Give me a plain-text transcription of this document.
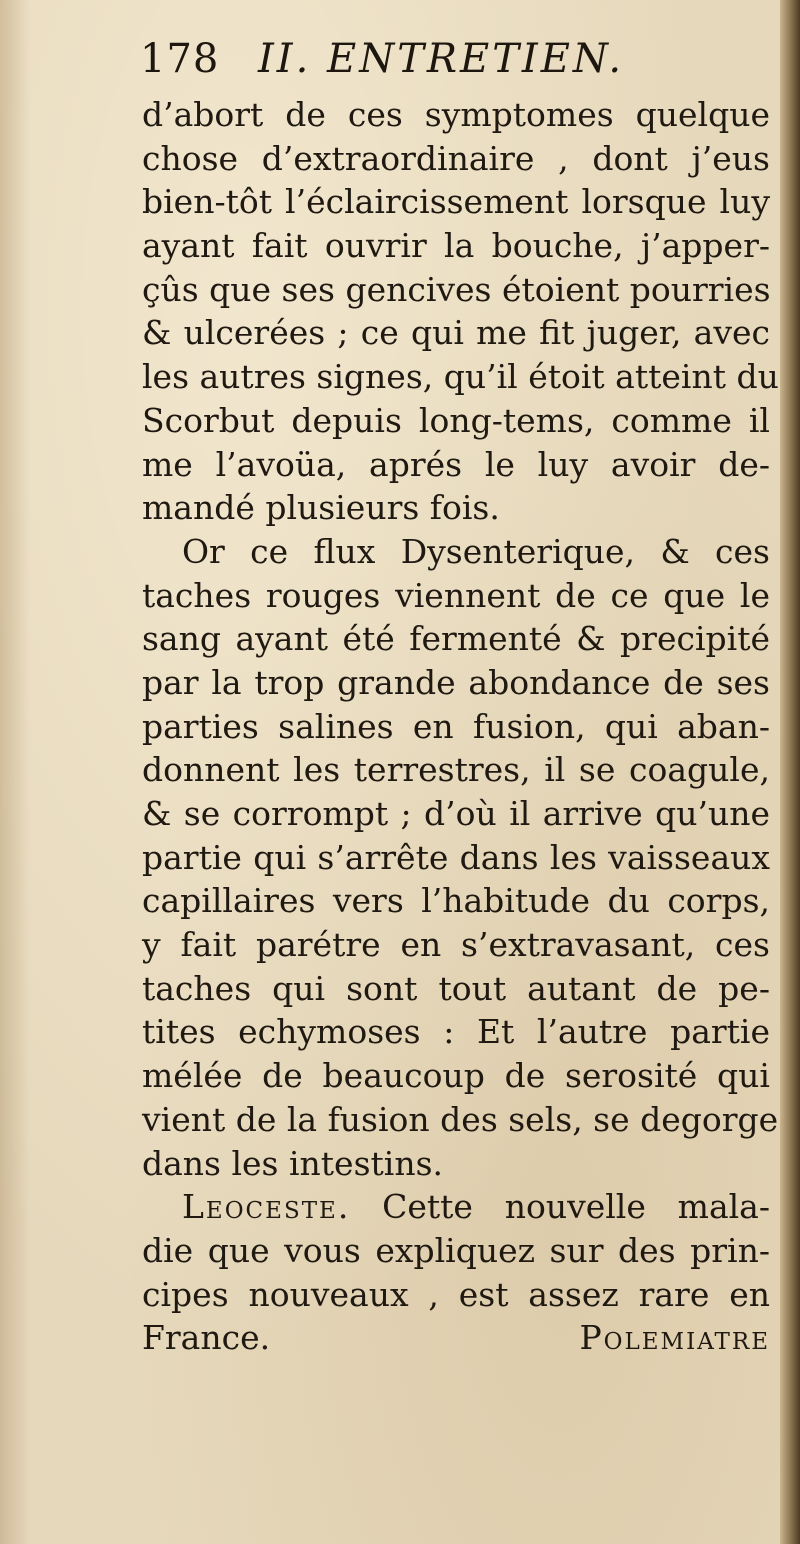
178 II. ENTRETIEN.
d’abort de ces symptomes quelque
chose d’extraordinaire , dont j’eus
bien-tôt l’éclaircissement lorsque luy
ayant fait ouvrir la bouche, j’apper-
çûs que ses gencives étoient pourries
& ulcerées ; ce qui me fit juger, avec
les autres signes, qu’il étoit atteint du
Scorbut depuis long-tems, comme il
me l’avoüa, aprés le luy avoir de-
mandé plusieurs fois.
Or ce flux Dysenterique, & ces
taches rouges viennent de ce que le
sang ayant été fermenté & precipité
par la trop grande abondance de ses
parties salines en fusion, qui aban-
donnent les terrestres, il se coagule,
& se corrompt ; d’où il arrive qu’une
partie qui s’arrête dans les vaisseaux
capillaires vers l’habitude du corps,
y fait parétre en s’extravasant, ces
taches qui sont tout autant de pe-
tites echymoses : Et l’autre partie
mélée de beaucoup de serosité qui
vient de la fusion des sels, se degorge
dans les intestins.
Leoceste. Cette nouvelle mala-
die que vous expliquez sur des prin-
cipes nouveaux , est assez rare en
France.	Polemiatre
